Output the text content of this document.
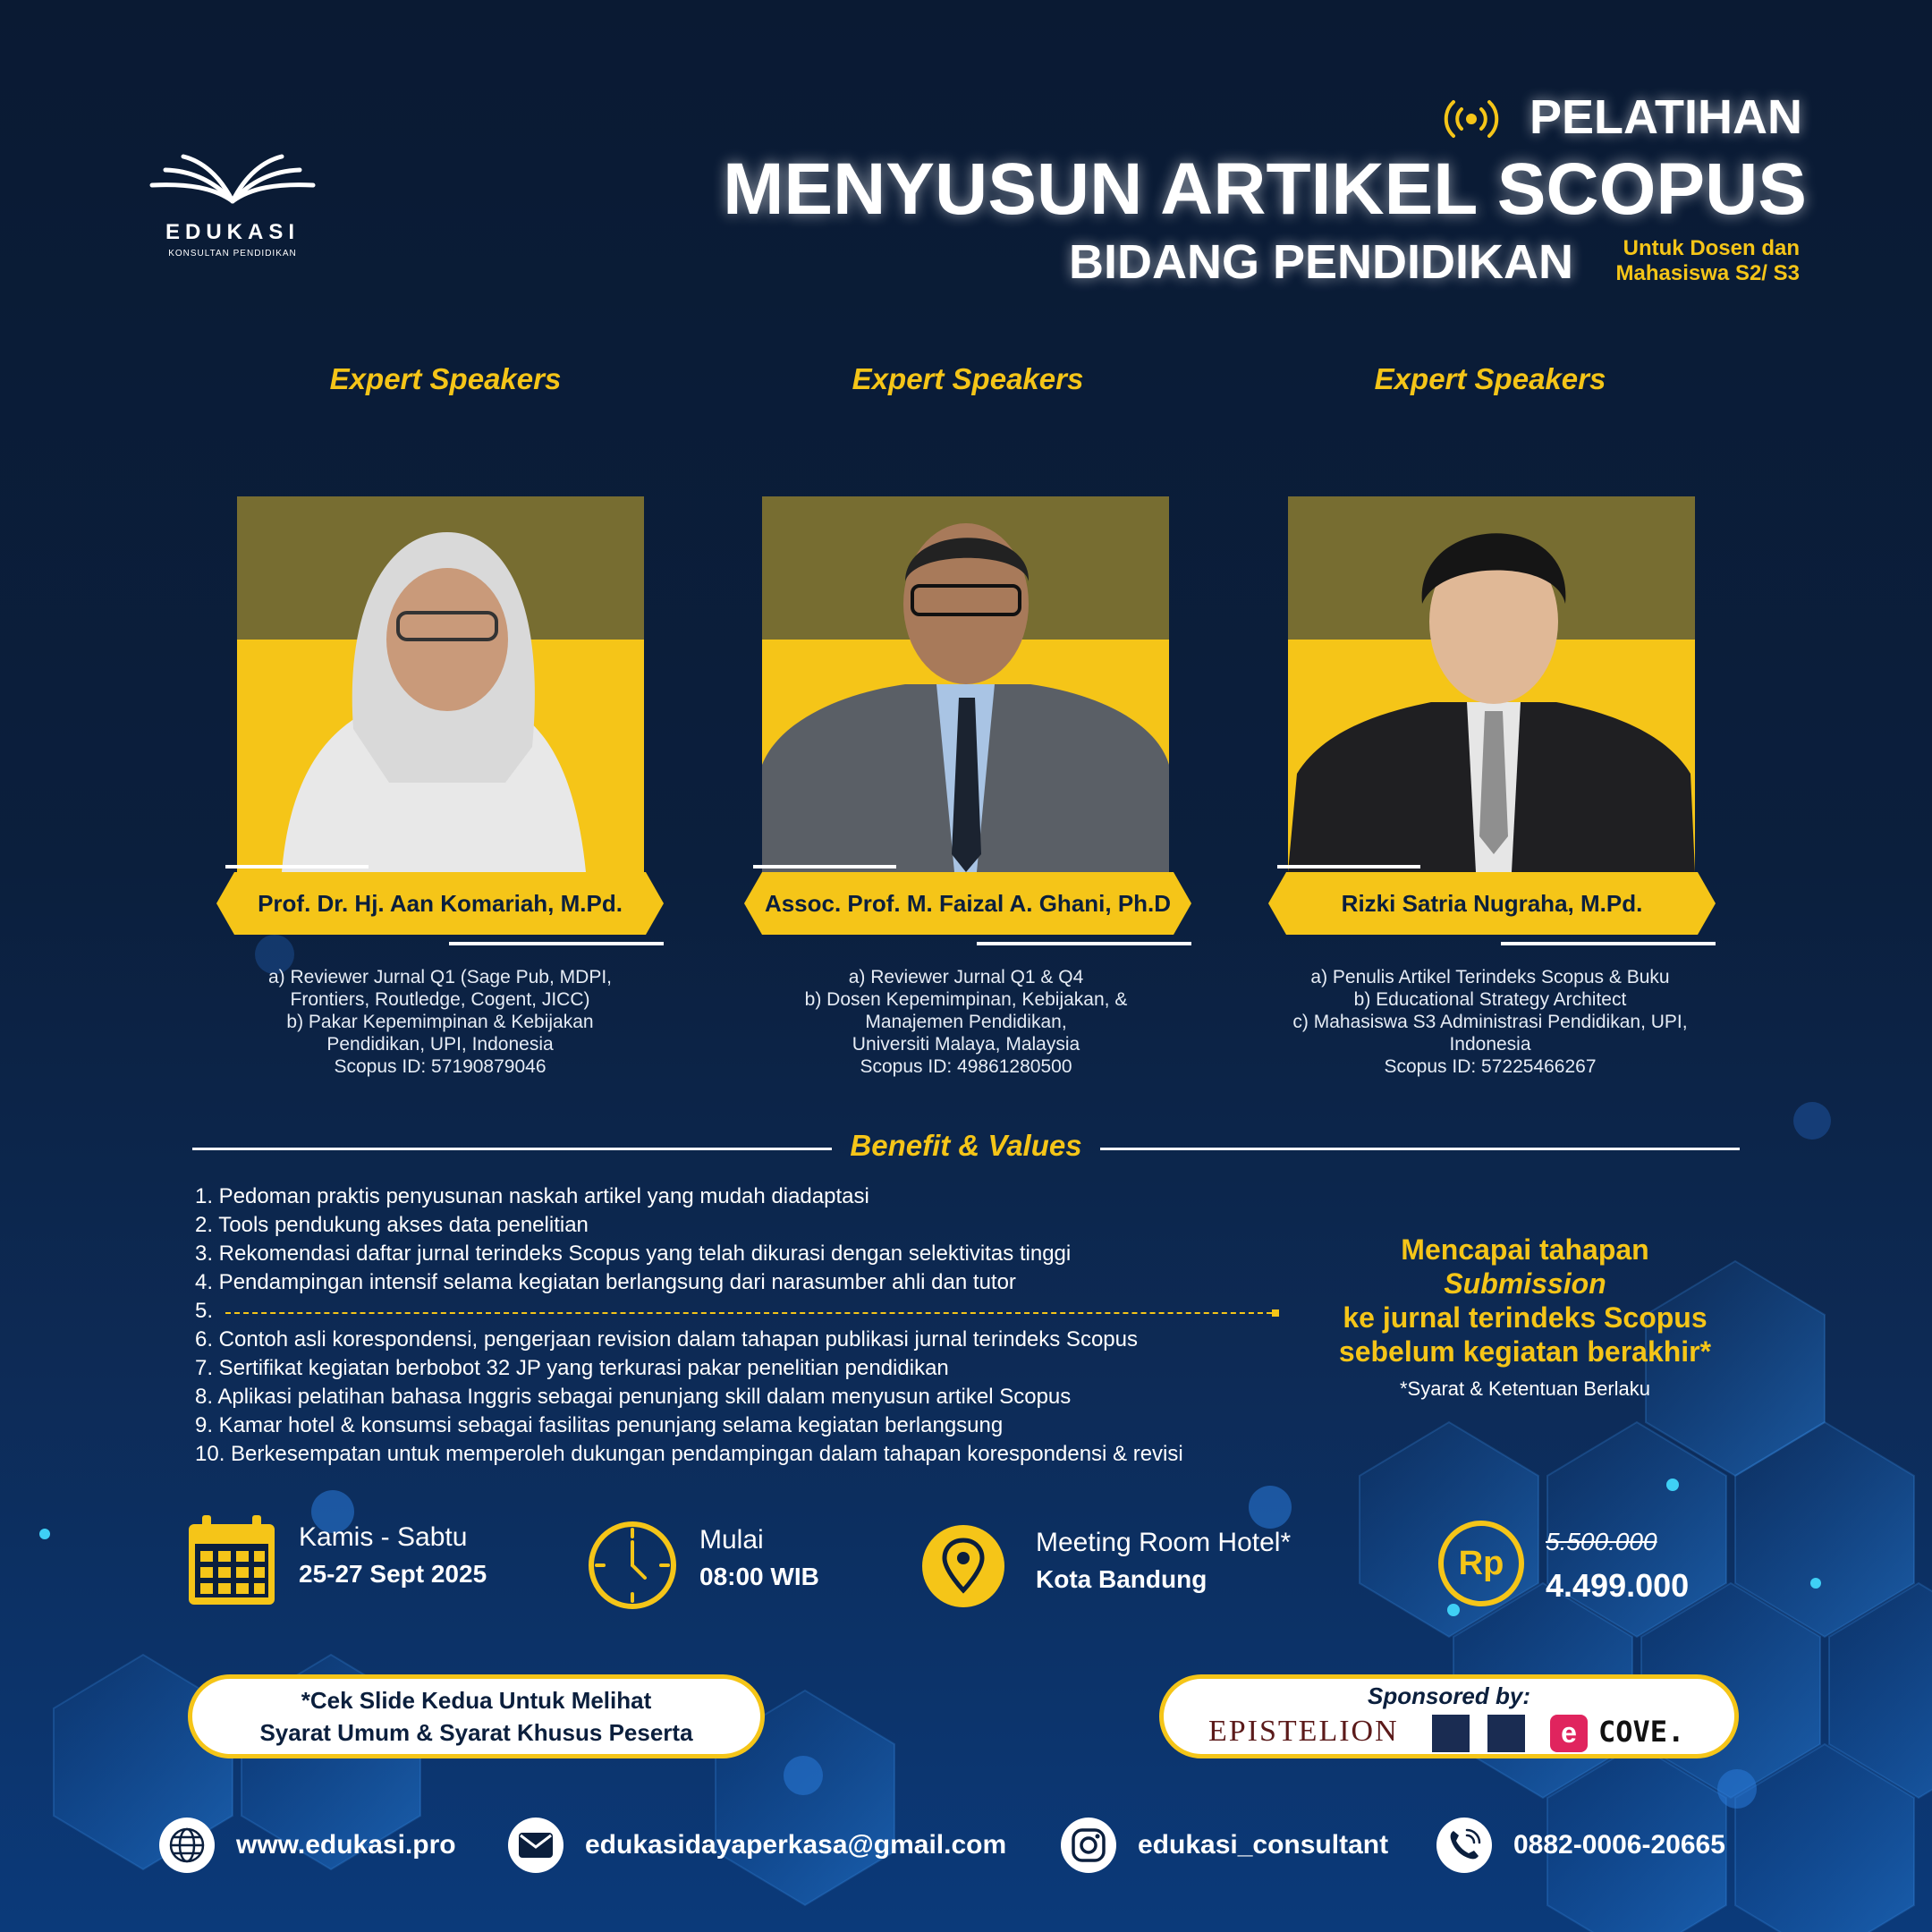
EDUKASI
KONSULTAN PENDIDIKAN
PELATIHAN
MENYUSUN ARTIKEL SCOPUS
BIDANG PENDIDIKAN	Untuk Dosen dan
Mahasiswa S2/ S3
Expert Speakers	Expert Speakers	Expert Speakers
Prof. Dr. Hj. Aan Komariah, M.Pd.	Assoc. Prof. M. Faizal A. Ghani, Ph.D	Rizki Satria Nugraha, M.Pd.
a) Reviewer Jurnal Q1 (Sage Pub, MDPI,
Frontiers, Routledge, Cogent, JICC)
b) Pakar Kepemimpinan & Kebijakan
Pendidikan, UPI, Indonesia
Scopus ID: 57190879046
a) Reviewer Jurnal Q1 & Q4
b) Dosen Kepemimpinan, Kebijakan, &
Manajemen Pendidikan,
Universiti Malaya, Malaysia
Scopus ID: 49861280500
a) Penulis Artikel Terindeks Scopus & Buku
b) Educational Strategy Architect
c) Mahasiswa S3 Administrasi Pendidikan, UPI,
Indonesia
Scopus ID: 57225466267
Benefit & Values
1. Pedoman praktis penyusunan naskah artikel yang mudah diadaptasi
2. Tools pendukung akses data penelitian
3. Rekomendasi daftar jurnal terindeks Scopus yang telah dikurasi dengan selektivitas tinggi
4. Pendampingan intensif selama kegiatan berlangsung dari narasumber ahli dan tutor
5.
6. Contoh asli korespondensi, pengerjaan revision dalam tahapan publikasi jurnal terindeks Scopus
7. Sertifikat kegiatan berbobot 32 JP yang terkurasi pakar penelitian pendidikan
8. Aplikasi pelatihan bahasa Inggris sebagai penunjang skill dalam menyusun artikel Scopus
9. Kamar hotel & konsumsi sebagai fasilitas penunjang selama kegiatan berlangsung
10. Berkesempatan untuk memperoleh dukungan pendampingan dalam tahapan korespondensi & revisi
Mencapai tahapan
Submission
ke jurnal terindeks Scopus
sebelum kegiatan berakhir*
*Syarat & Ketentuan Berlaku
Kamis - Sabtu
25-27 Sept 2025
Mulai
08:00 WIB
Meeting Room Hotel*
Kota Bandung	Rp
5.500.000
4.499.000
*Cek Slide Kedua Untuk Melihat
Syarat Umum & Syarat Khusus Peserta
Sponsored by:
EPISTELION	e COVE.
www.edukasi.pro	edukasidayaperkasa@gmail.com	edukasi_consultant	0882-0006-20665
